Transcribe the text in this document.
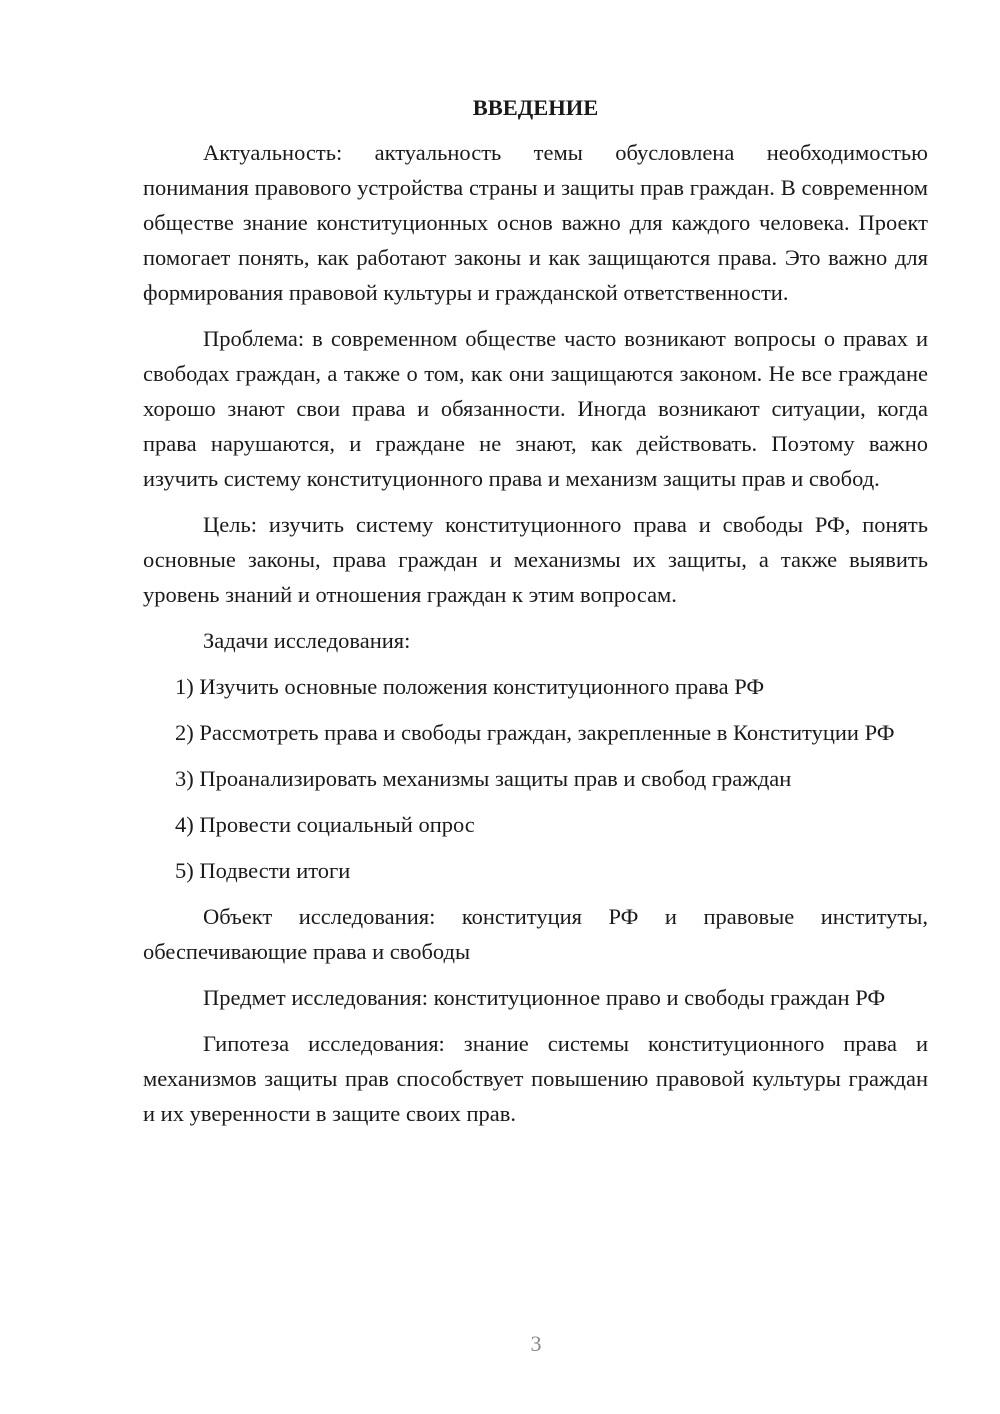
ВВЕДЕНИЕ

Актуальность: актуальность темы обусловлена необходимостью понимания правового устройства страны и защиты прав граждан. В современном обществе знание конституционных основ важно для каждого человека. Проект помогает понять, как работают законы и как защищаются права. Это важно для формирования правовой культуры и гражданской ответственности.

Проблема: в современном обществе часто возникают вопросы о правах и свободах граждан, а также о том, как они защищаются законом. Не все граждане хорошо знают свои права и обязанности. Иногда возникают ситуации, когда права нарушаются, и граждане не знают, как действовать. Поэтому важно изучить систему конституционного права и механизм защиты прав и свобод.

Цель: изучить систему конституционного права и свободы РФ, понять основные законы, права граждан и механизмы их защиты, а также выявить уровень знаний и отношения граждан к этим вопросам.

Задачи исследования:
1) Изучить основные положения конституционного права РФ

2) Рассмотреть права и свободы граждан, закрепленные в Конституции РФ

3) Проанализировать механизмы защиты прав и свобод граждан
4) Провести социальный опрос
5) Подвести итоги

Объект исследования: конституция РФ и правовые институты, обеспечивающие права и свободы

Предмет исследования: конституционное право и свободы граждан РФ

Гипотеза исследования: знание системы конституционного права и механизмов защиты прав способствует повышению правовой культуры граждан и их уверенности в защите своих прав.

3
